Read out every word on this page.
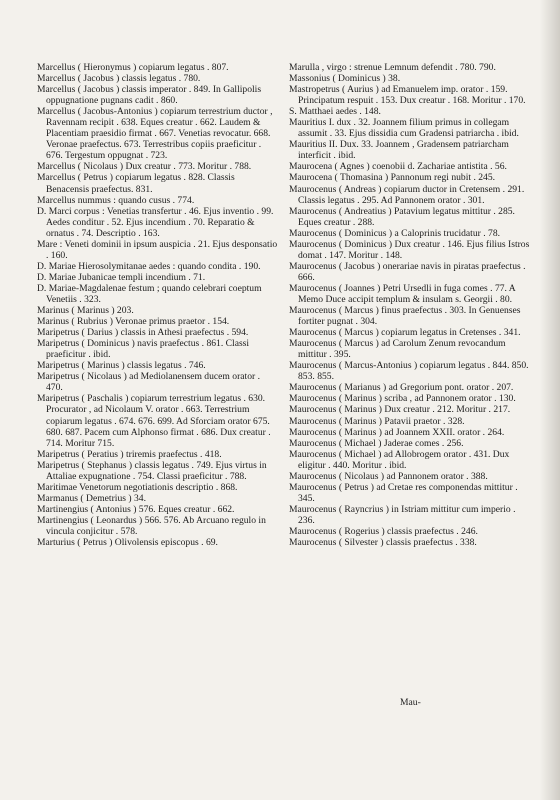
Marcellus ( Hieronymus ) copiarum legatus . 807.
Marcellus ( Jacobus ) classis legatus . 780.
Marcellus ( Jacobus ) classis imperator . 849. In Gallipolis oppugnatione pugnans cadit . 860.
Marcellus ( Jacobus-Antonius ) copiarum terrestrium ductor , Ravennam recipit . 638. Eques creatur . 662. Laudem & Placentiam praesidio firmat . 667. Venetias revocatur. 668. Veronae praefectus. 673. Terrestribus copiis praeficitur . 676. Tergestum oppugnat . 723.
Marcellus ( Nicolaus ) Dux creatur . 773. Moritur . 788.
Marcellus ( Petrus ) copiarum legatus . 828. Classis Benacensis praefectus. 831.
Marcellus nummus : quando cusus . 774.
D. Marci corpus : Venetias transfertur . 46. Ejus inventio . 99. Aedes conditur . 52. Ejus incendium . 70. Reparatio & ornatus . 74. Descriptio . 163.
Mare : Veneti dominii in ipsum auspicia . 21. Ejus desponsatio . 160.
D. Mariae Hierosolymitanae aedes : quando condita . 190.
D. Mariae Jubanicae templi incendium . 71.
D. Mariae-Magdalenae festum ; quando celebrari coeptum Venetiis . 323.
Marinus ( Marinus ) 203.
Marinus ( Rubrius ) Veronae primus praetor . 154.
Maripetrus ( Darius ) classis in Athesi praefectus . 594.
Maripetrus ( Dominicus ) navis praefectus . 861. Classi praeficitur . ibid.
Maripetrus ( Marinus ) classis legatus . 746.
Maripetrus ( Nicolaus ) ad Mediolanensem ducem orator . 470.
Maripetrus ( Paschalis ) copiarum terrestrium legatus . 630. Procurator , ad Nicolaum V. orator . 663. Terrestrium copiarum legatus . 674. 676. 699. Ad Sforciam orator 675. 680. 687. Pacem cum Alphonso firmat . 686. Dux creatur . 714. Moritur 715.
Maripetrus ( Peratius ) triremis praefectus . 418.
Maripetrus ( Stephanus ) classis legatus . 749. Ejus virtus in Attaliae expugnatione . 754. Classi praeficitur . 788.
Maritimae Venetorum negotiationis descriptio . 868.
Marmanus ( Demetrius ) 34.
Martinengius ( Antonius ) 576. Eques creatur . 662.
Martinengius ( Leonardus ) 566. 576. Ab Arcuano regulo in vincula conjicitur . 578.
Marturius ( Petrus ) Olivolensis episcopus . 69.
Marulla , virgo : strenue Lemnum defendit . 780. 790.
Massonius ( Dominicus ) 38.
Mastropetrus ( Aurius ) ad Emanuelem imp. orator . 159. Principatum respuit . 153. Dux creatur . 168. Moritur . 170.
S. Matthaei aedes . 148.
Mauritius I. dux . 32. Joannem filium primus in collegam assumit . 33. Ejus dissidia cum Gradensi patriarcha . ibid.
Mauritius II. Dux. 33. Joannem , Gradensem patriarcham interficit . ibid.
Maurocena ( Agnes ) coenobii d. Zachariae antistita . 56.
Maurocena ( Thomasina ) Pannonum regi nubit . 245.
Maurocenus ( Andreas ) copiarum ductor in Cretensem . 291. Classis legatus . 295. Ad Pannonem orator . 301.
Maurocenus ( Andreatius ) Patavium legatus mittitur . 285. Eques creatur . 288.
Maurocenus ( Dominicus ) a Caloprinis trucidatur . 78.
Maurocenus ( Dominicus ) Dux creatur . 146. Ejus filius Istros domat . 147. Moritur . 148.
Maurocenus ( Jacobus ) onerariae navis in piratas praefectus . 666.
Maurocenus ( Joannes ) Petri Ursedli in fuga comes . 77. A Memo Duce accipit templum & insulam s. Georgii . 80.
Maurocenus ( Marcus ) finus praefectus . 303. In Genuenses fortiter pugnat . 304.
Maurocenus ( Marcus ) copiarum legatus in Cretenses . 341.
Maurocenus ( Marcus ) ad Carolum Zenum revocandum mittitur . 395.
Maurocenus ( Marcus-Antonius ) copiarum legatus . 844. 850. 853. 855.
Maurocenus ( Marianus ) ad Gregorium pont. orator . 207.
Maurocenus ( Marinus ) scriba , ad Pannonem orator . 130.
Maurocenus ( Marinus ) Dux creatur . 212. Moritur . 217.
Maurocenus ( Marinus ) Patavii praetor . 328.
Maurocenus ( Marinus ) ad Joannem XXII. orator . 264.
Maurocenus ( Michael ) Jaderae comes . 256.
Maurocenus ( Michael ) ad Allobrogem orator . 431. Dux eligitur . 440. Moritur . ibid.
Maurocenus ( Nicolaus ) ad Pannonem orator . 388.
Maurocenus ( Petrus ) ad Cretae res componendas mittitur . 345.
Maurocenus ( Rayncrius ) in Istriam mittitur cum imperio . 236.
Maurocenus ( Rogerius ) classis praefectus . 246.
Maurocenus ( Silvester ) classis praefectus . 338.
Mau-
